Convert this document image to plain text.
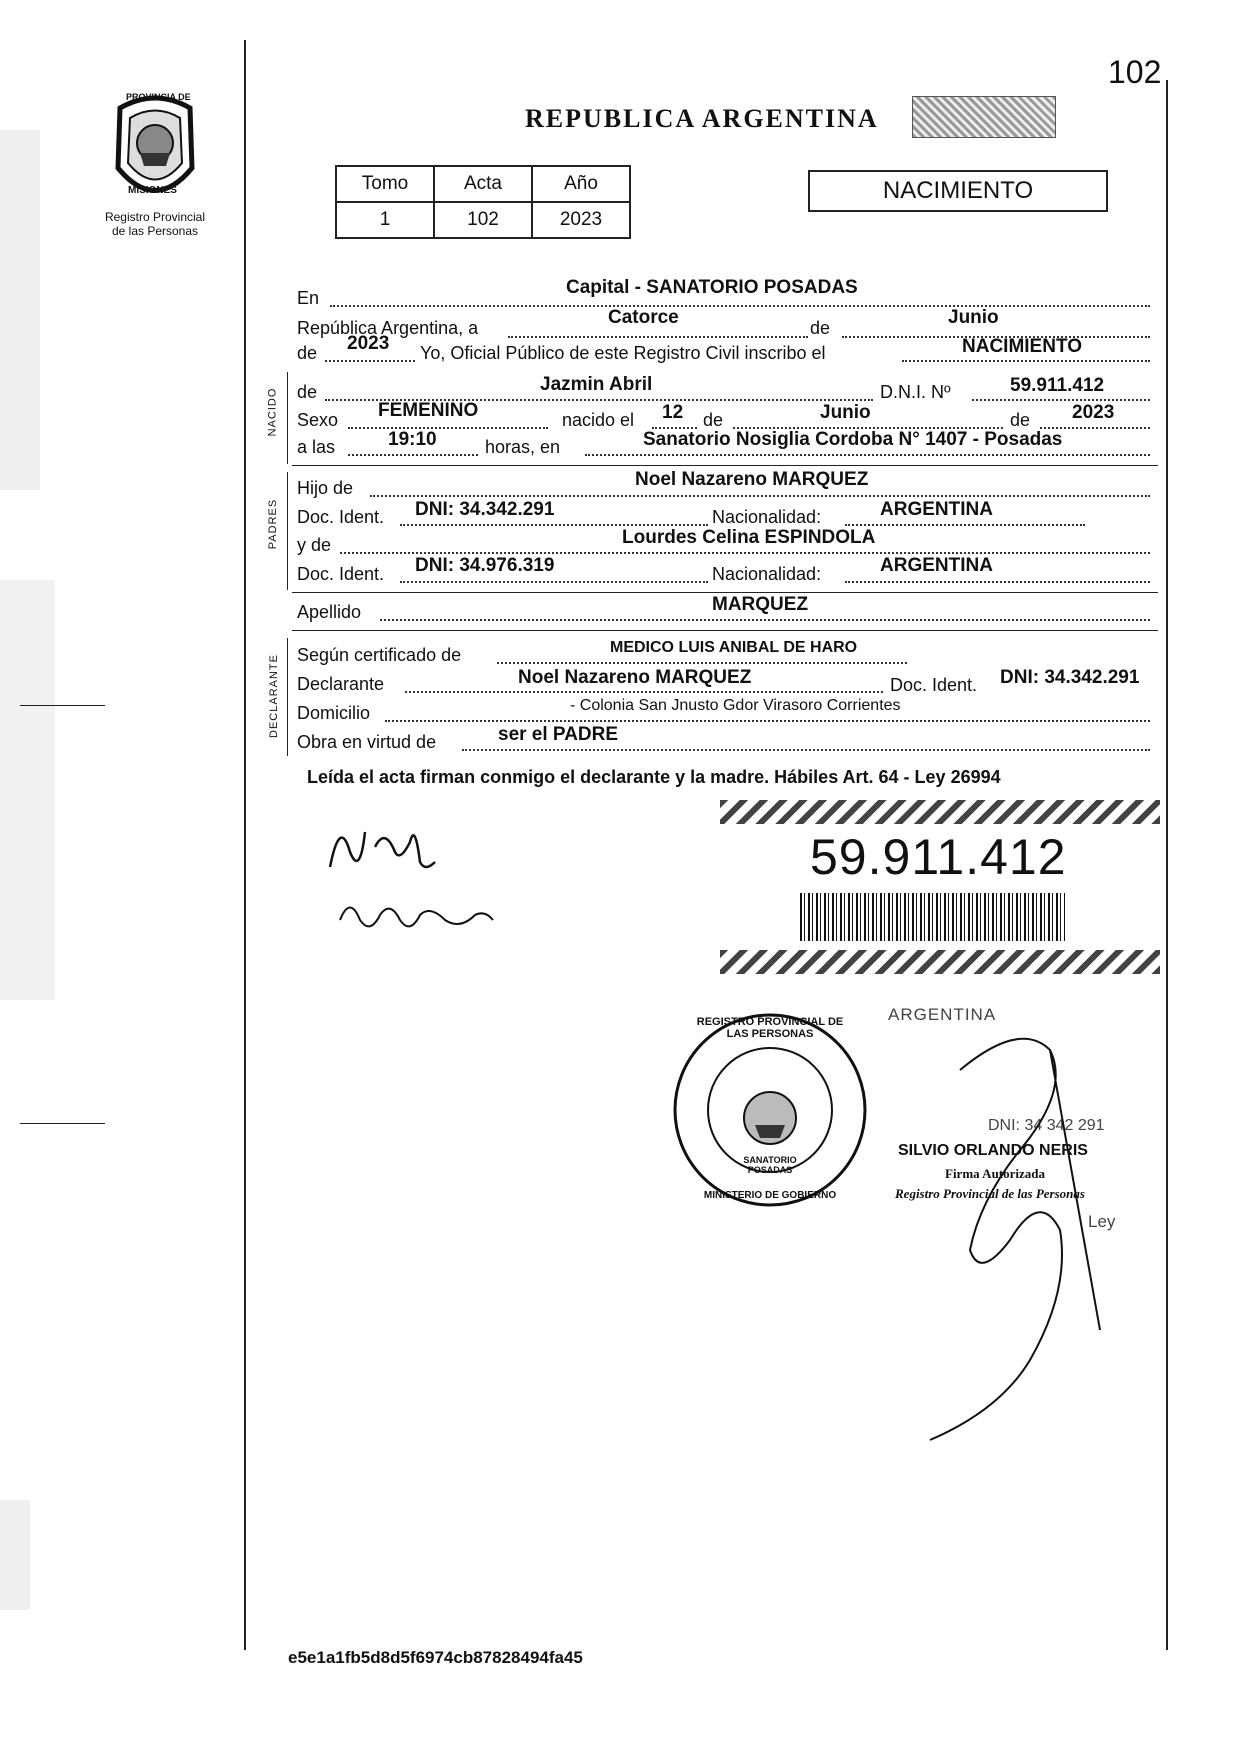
102
PROVINCIA DE
MISIONES
Registro Provincial
de las Personas
REPUBLICA ARGENTINA
Tomo	Acta	Año
1	102	2023
NACIMIENTO
En	Capital - SANATORIO POSADAS
República Argentina, a	Catorce	de	Junio
de 2023 Yo, Oficial Público de este Registro Civil inscribo el	NACIMIENTO
NACIDO de	Jazmin Abril	D.N.I. Nº	59.911.412
Sexo FEMENINO	nacido el 12 de	Junio	de 2023
a las	19:10	horas, en	Sanatorio Nosiglia Cordoba N° 1407 - Posadas
PADRES
Hijo de	Noel Nazareno MARQUEZ
Doc. Ident. DNI: 34.342.291	Nacionalidad:	ARGENTINA
y de	Lourdes Celina ESPINDOLA
Doc. Ident. DNI: 34.976.319	Nacionalidad:	ARGENTINA
Apellido	MARQUEZ
DECLARANTE Según certificado de	MEDICO LUIS ANIBAL DE HARO
Declarante	Noel Nazareno MARQUEZ	Doc. Ident. DNI: 34.342.291
Domicilio	- Colonia San Jnusto Gdor Virasoro Corrientes
Obra en virtud de	ser el PADRE
Leída el acta firman conmigo el declarante y la madre. Hábiles Art. 64 - Ley 26994
59.911.412
ARGENTINA
DNI: 34 342 291
SILVIO ORLANDO NERIS
Firma Autorizada
Registro Provincial de las Personas
Ley
REGISTRO PROVINCIAL DE LAS PERSONAS
SANATORIO POSADAS
MINISTERIO DE GOBIERNO
e5e1a1fb5d8d5f6974cb87828494fa45
